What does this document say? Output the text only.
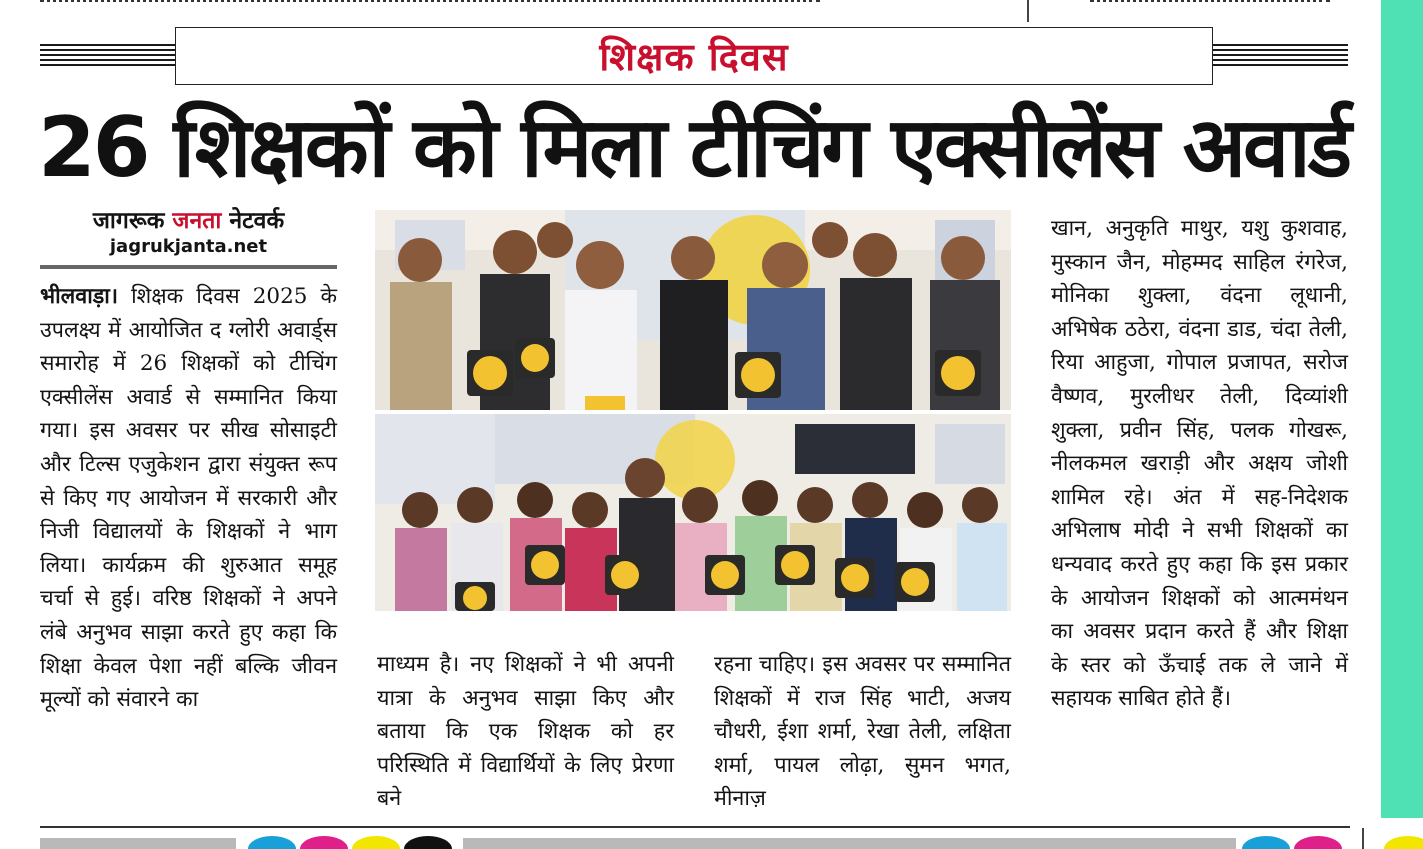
शिक्षक दिवस
26 शिक्षकों को मिला टीचिंग एक्सीलेंस अवार्ड
जागरूक जनता नेटवर्क
jagrukjanta.net

भीलवाड़ा। शिक्षक दिवस 2025 के उपलक्ष्य में आयोजित द ग्लोरी अवार्ड्स समारोह में 26 शिक्षकों को टीचिंग एक्सीलेंस अवार्ड से सम्मानित किया गया। इस अवसर पर सीख सोसाइटी और टिल्स एजुकेशन द्वारा संयुक्त रूप से किए गए आयोजन में सरकारी और निजी विद्यालयों के शिक्षकों ने भाग लिया। कार्यक्रम की शुरुआत समूह चर्चा से हुई। वरिष्ठ शिक्षकों ने अपने लंबे अनुभव साझा करते हुए कहा कि शिक्षा केवल पेशा नहीं बल्कि जीवन मूल्यों को संवारने का

माध्यम है। नए शिक्षकों ने भी अपनी यात्रा के अनुभव साझा किए और बताया कि एक शिक्षक को हर परिस्थिति में विद्यार्थियों के लिए प्रेरणा बने

रहना चाहिए। इस अवसर पर सम्मानित शिक्षकों में राज सिंह भाटी, अजय चौधरी, ईशा शर्मा, रेखा तेली, लक्षिता शर्मा, पायल लोढ़ा, सुमन भगत, मीनाज़

खान, अनुकृति माथुर, यशु कुशवाह, मुस्कान जैन, मोहम्मद साहिल रंगरेज, मोनिका शुक्ला, वंदना लूधानी, अभिषेक ठठेरा, वंदना डाड, चंदा तेली, रिया आहुजा, गोपाल प्रजापत, सरोज वैष्णव, मुरलीधर तेली, दिव्यांशी शुक्ला, प्रवीन सिंह, पलक गोखरू, नीलकमल खराड़ी और अक्षय जोशी शामिल रहे। अंत में सह-निदेशक अभिलाष मोदी ने सभी शिक्षकों का धन्यवाद करते हुए कहा कि इस प्रकार के आयोजन शिक्षकों को आत्ममंथन का अवसर प्रदान करते हैं और शिक्षा के स्तर को ऊँचाई तक ले जाने में सहायक साबित होते हैं।
